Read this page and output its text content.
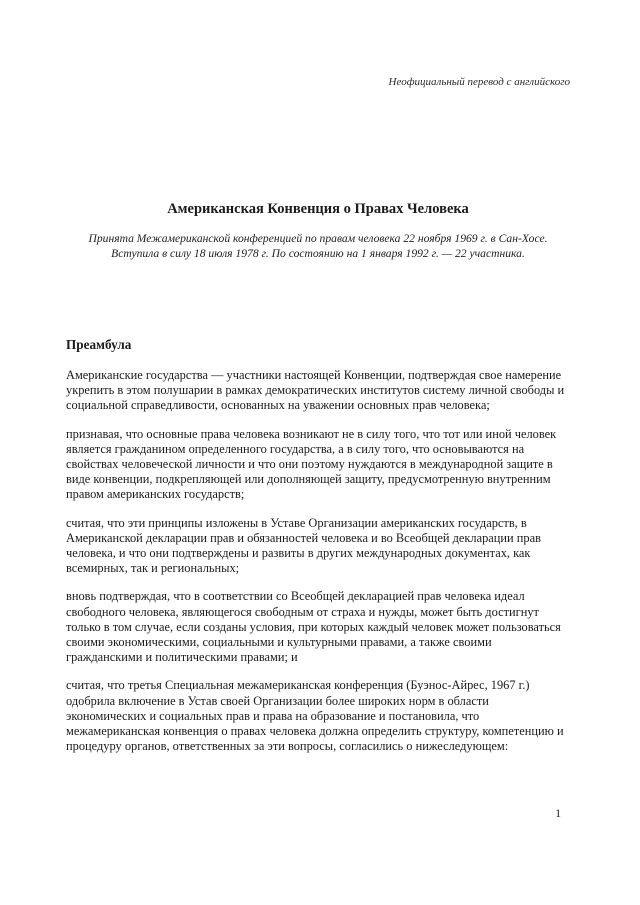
Неофициальный перевод с английского
Американская Конвенция о Правах Человека
Принята Межамериканской конференцией по правам человека 22 ноября 1969 г. в Сан-Хосе.
Вступила в силу 18 июля 1978 г. По состоянию на 1 января 1992 г. — 22 участника.
Преамбула

Американские государства — участники настоящей Конвенции, подтверждая свое намерение укрепить в этом полушарии в рамках демократических институтов систему личной свободы и социальной справедливости, основанных на уважении основных прав человека;

признавая, что основные права человека возникают не в силу того, что тот или иной человек является гражданином определенного государства, а в силу того, что основываются на свойствах человеческой личности и что они поэтому нуждаются в международной защите в виде конвенции, подкрепляющей или дополняющей защиту, предусмотренную внутренним правом американских государств;

считая, что эти принципы изложены в Уставе Организации американских государств, в Американской декларации прав и обязанностей человека и во Всеобщей декларации прав человека, и что они подтверждены и развиты в других международных документах, как всемирных, так и региональных;

вновь подтверждая, что в соответствии со Всеобщей декларацией прав человека идеал свободного человека, являющегося свободным от страха и нужды, может быть достигнут только в том случае, если созданы условия, при которых каждый человек может пользоваться своими экономическими, социальными и культурными правами, а также своими гражданскими и политическими правами; и

считая, что третья Специальная межамериканская конференция (Буэнос-Айрес, 1967 г.) одобрила включение в Устав своей Организации более широких норм в области экономических и социальных прав и права на образование и постановила, что межамериканская конвенция о правах человека должна определить структуру, компетенцию и процедуру органов, ответственных за эти вопросы, согласились о нижеследующем:

1
